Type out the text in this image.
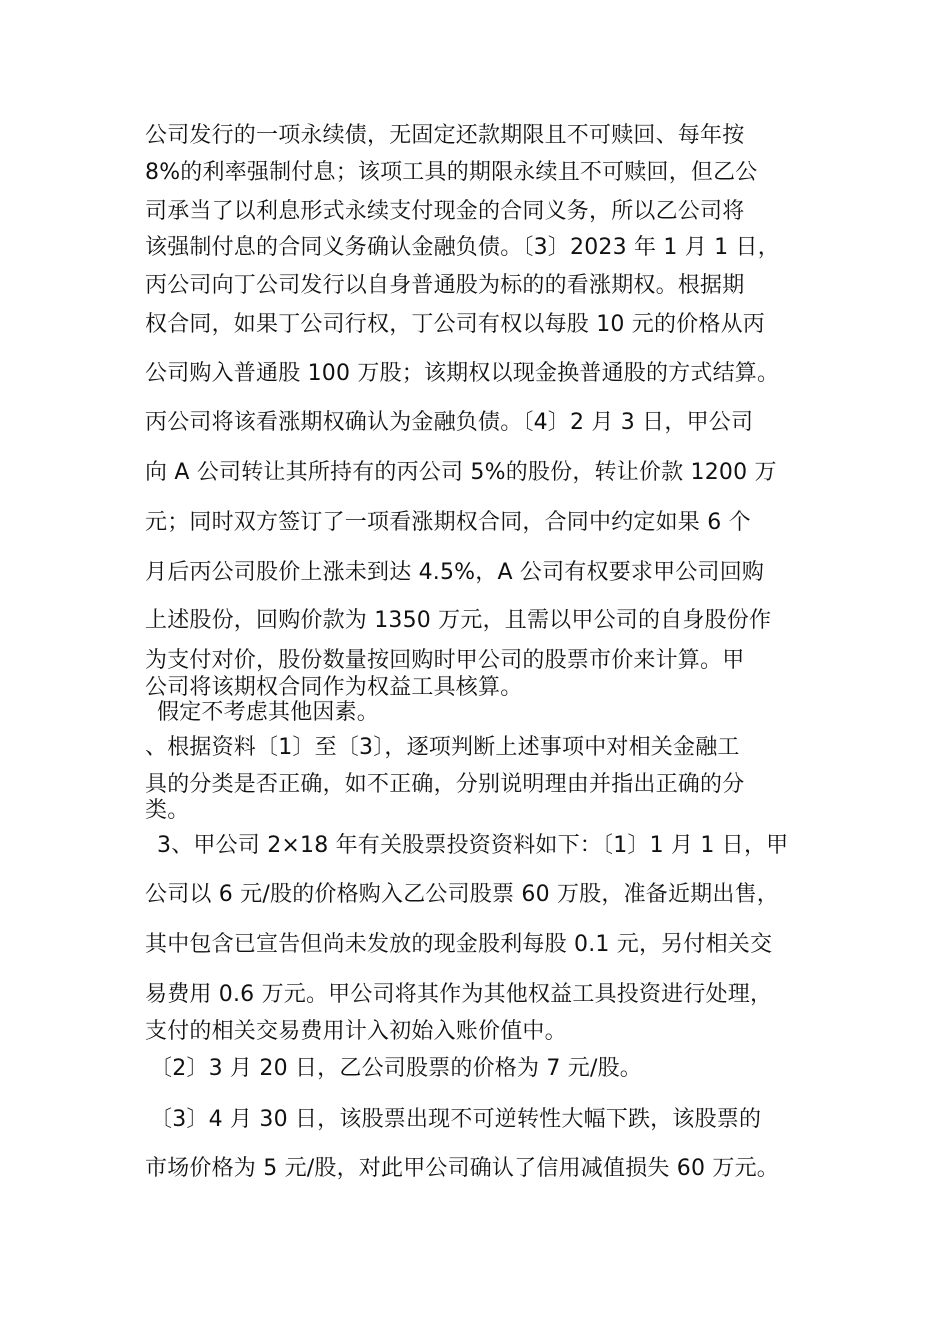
公司发行的一项永续债，无固定还款期限且不可赎回、每年按
8%的利率强制付息；该项工具的期限永续且不可赎回，但乙公
司承当了以利息形式永续支付现金的合同义务，所以乙公司将
该强制付息的合同义务确认金融负债。〔3〕2023 年 1 月 1 日，
丙公司向丁公司发行以自身普通股为标的的看涨期权。根据期
权合同，如果丁公司行权，丁公司有权以每股 10 元的价格从丙
公司购入普通股 100 万股；该期权以现金换普通股的方式结算。
丙公司将该看涨期权确认为金融负债。〔4〕2 月 3 日，甲公司
向 A 公司转让其所持有的丙公司 5%的股份，转让价款 1200 万
元；同时双方签订了一项看涨期权合同，合同中约定如果 6 个
月后丙公司股价上涨未到达 4.5%，A 公司有权要求甲公司回购
上述股份，回购价款为 1350 万元，且需以甲公司的自身股份作
为支付对价，股份数量按回购时甲公司的股票市价来计算。甲
公司将该期权合同作为权益工具核算。
假定不考虑其他因素。
、根据资料〔1〕至〔3〕，逐项判断上述事项中对相关金融工
具的分类是否正确，如不正确，分别说明理由并指出正确的分
类。
3、甲公司 2×18 年有关股票投资资料如下：〔1〕1 月 1 日，甲
公司以 6 元/股的价格购入乙公司股票 60 万股，准备近期出售，
其中包含已宣告但尚未发放的现金股利每股 0.1 元，另付相关交
易费用 0.6 万元。甲公司将其作为其他权益工具投资进行处理，
支付的相关交易费用计入初始入账价值中。
〔2〕3 月 20 日，乙公司股票的价格为 7 元/股。
〔3〕4 月 30 日，该股票出现不可逆转性大幅下跌，该股票的
市场价格为 5 元/股，对此甲公司确认了信用减值损失 60 万元。
